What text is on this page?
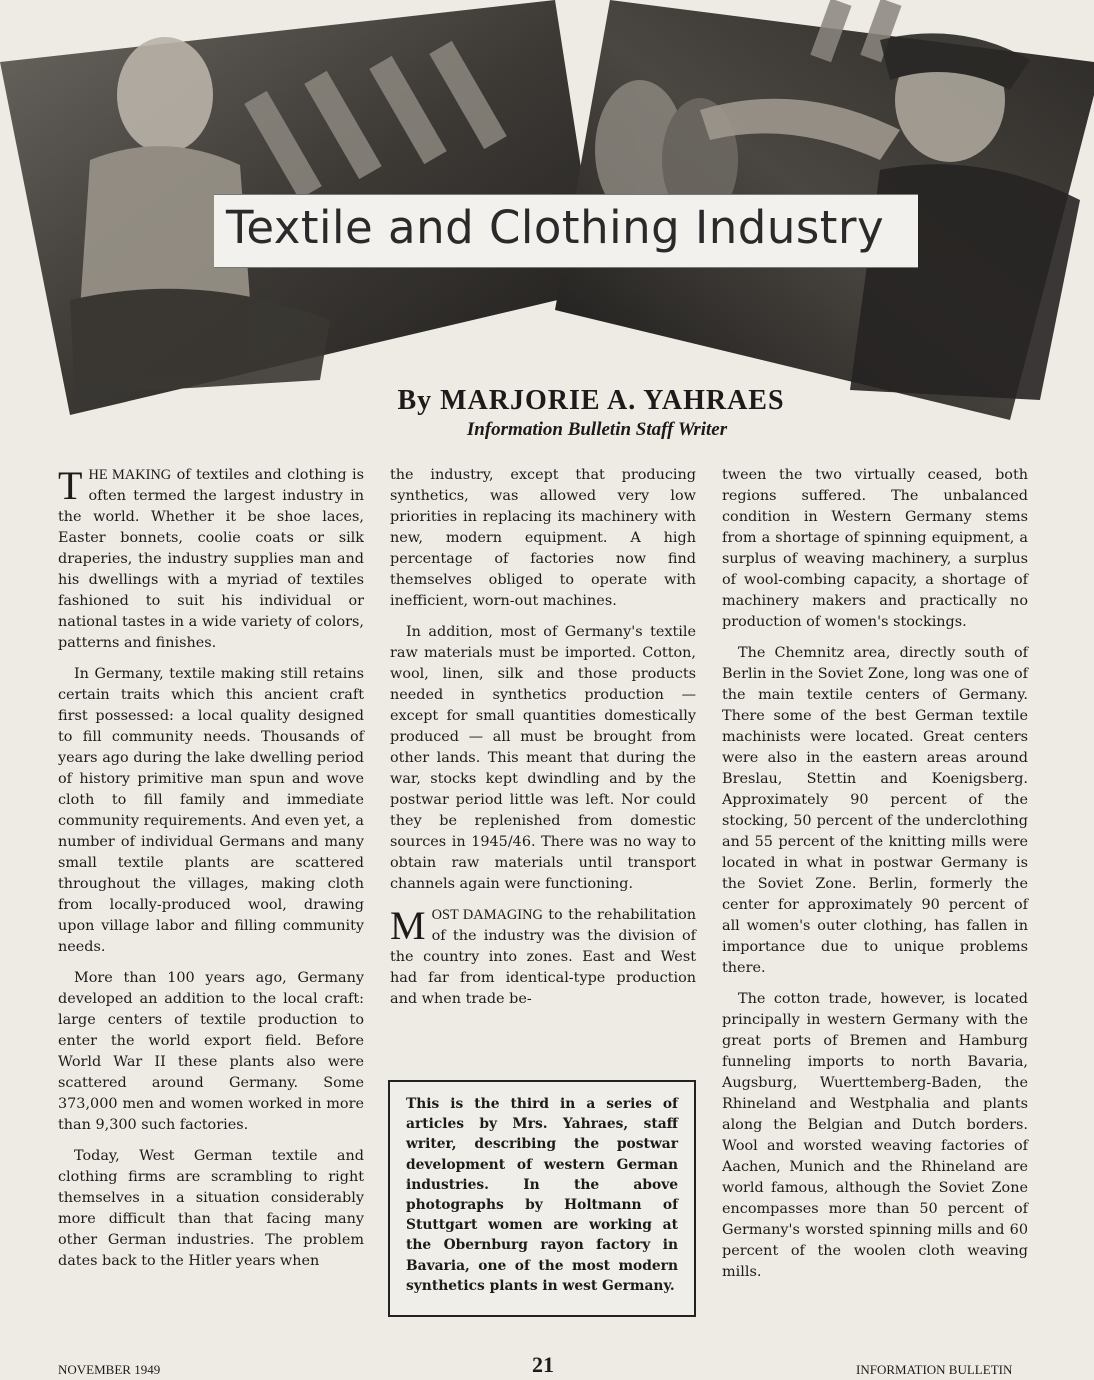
Textile and Clothing Industry
By MARJORIE A. YAHRAES
Information Bulletin Staff Writer

THE MAKING of textiles and clothing is often termed the largest industry in the world. Whether it be shoe laces, Easter bonnets, coolie coats or silk draperies, the industry supplies man and his dwellings with a myriad of textiles fashioned to suit his individual or national tastes in a wide variety of colors, patterns and finishes.

In Germany, textile making still retains certain traits which this ancient craft first possessed: a local quality designed to fill community needs. Thousands of years ago during the lake dwelling period of history primitive man spun and wove cloth to fill family and immediate community requirements. And even yet, a number of individual Germans and many small textile plants are scattered throughout the villages, making cloth from locally-produced wool, drawing upon village labor and filling community needs.

More than 100 years ago, Germany developed an addition to the local craft: large centers of textile production to enter the world export field. Before World War II these plants also were scattered around Germany. Some 373,000 men and women worked in more than 9,300 such factories.

Today, West German textile and clothing firms are scrambling to right themselves in a situation considerably more difficult than that facing many other German industries. The problem dates back to the Hitler years when

the industry, except that producing synthetics, was allowed very low priorities in replacing its machinery with new, modern equipment. A high percentage of factories now find themselves obliged to operate with inefficient, worn-out machines.

In addition, most of Germany's textile raw materials must be imported. Cotton, wool, linen, silk and those products needed in synthetics production — except for small quantities domestically produced — all must be brought from other lands. This meant that during the war, stocks kept dwindling and by the postwar period little was left. Nor could they be replenished from domestic sources in 1945/46. There was no way to obtain raw materials until transport channels again were functioning.

MOST DAMAGING to the rehabilitation of the industry was the division of the country into zones. East and West had far from identical-type production and when trade be-

This is the third in a series of articles by Mrs. Yahraes, staff writer, describing the postwar development of western German industries. In the above photographs by Holtmann of Stuttgart women are working at the Obernburg rayon factory in Bavaria, one of the most modern synthetics plants in west Germany.

tween the two virtually ceased, both regions suffered. The unbalanced condition in Western Germany stems from a shortage of spinning equipment, a surplus of weaving machinery, a surplus of wool-combing capacity, a shortage of machinery makers and practically no production of women's stockings.

The Chemnitz area, directly south of Berlin in the Soviet Zone, long was one of the main textile centers of Germany. There some of the best German textile machinists were located. Great centers were also in the eastern areas around Breslau, Stettin and Koenigsberg. Approximately 90 percent of the stocking, 50 percent of the underclothing and 55 percent of the knitting mills were located in what in postwar Germany is the Soviet Zone. Berlin, formerly the center for approximately 90 percent of all women's outer clothing, has fallen in importance due to unique problems there.

The cotton trade, however, is located principally in western Germany with the great ports of Bremen and Hamburg funneling imports to north Bavaria, Augsburg, Wuerttemberg-Baden, the Rhineland and Westphalia and plants along the Belgian and Dutch borders. Wool and worsted weaving factories of Aachen, Munich and the Rhineland are world famous, although the Soviet Zone encompasses more than 50 percent of Germany's worsted spinning mills and 60 percent of the woolen cloth weaving mills.

NOVEMBER 1949	21	INFORMATION BULLETIN
